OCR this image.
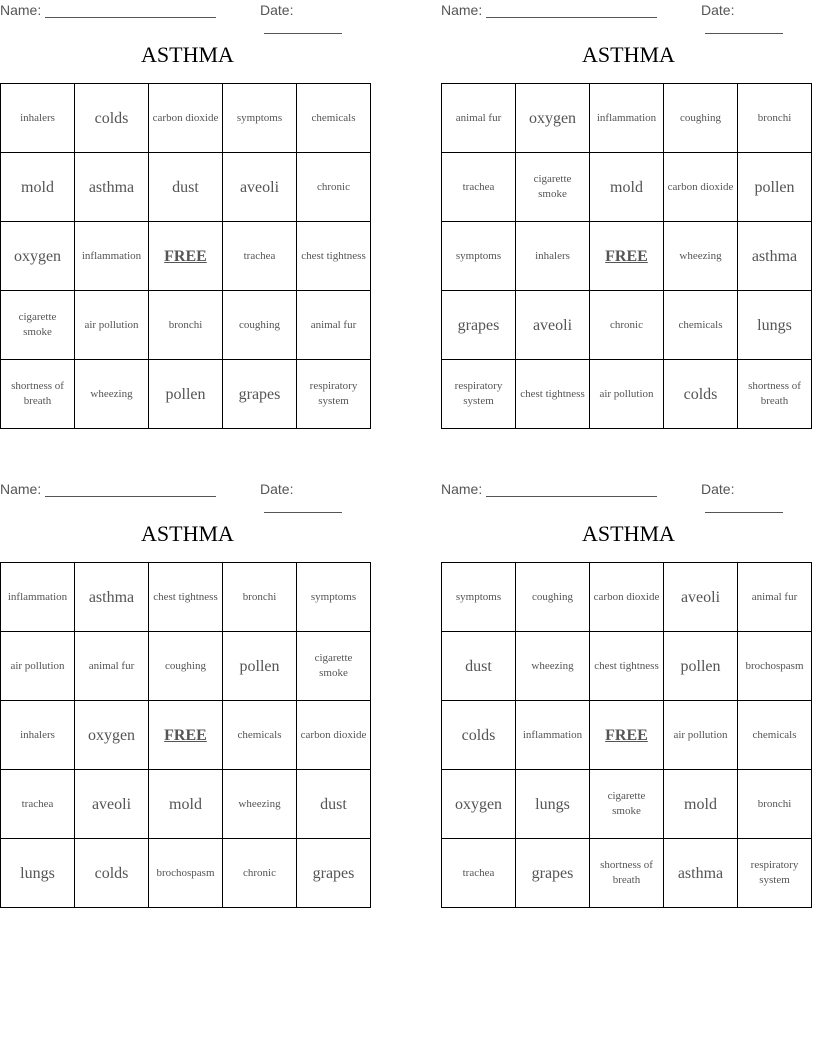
Name:	Date:
ASTHMA
inhalers	colds	carbon dioxide	symptoms	chemicals
mold	asthma	dust	aveoli	chronic
oxygen	inflammation	FREE	trachea	chest tightness
cigarette smoke	air pollution	bronchi	coughing	animal fur
shortness of breath	wheezing	pollen	grapes	respiratory system
Name:	Date:
ASTHMA
animal fur	oxygen	inflammation	coughing	bronchi
trachea	cigarette smoke	mold	carbon dioxide	pollen
symptoms	inhalers	FREE	wheezing	asthma
grapes	aveoli	chronic	chemicals	lungs
respiratory system	chest tightness	air pollution	colds	shortness of breath
Name:	Date:
ASTHMA
inflammation	asthma	chest tightness	bronchi	symptoms
air pollution	animal fur	coughing	pollen	cigarette smoke
inhalers	oxygen	FREE	chemicals	carbon dioxide
trachea	aveoli	mold	wheezing	dust
lungs	colds	brochospasm	chronic	grapes
Name:	Date:
ASTHMA
symptoms	coughing	carbon dioxide	aveoli	animal fur
dust	wheezing	chest tightness	pollen	brochospasm
colds	inflammation	FREE	air pollution	chemicals
oxygen	lungs	cigarette smoke	mold	bronchi
trachea	grapes	shortness of breath	asthma	respiratory system
